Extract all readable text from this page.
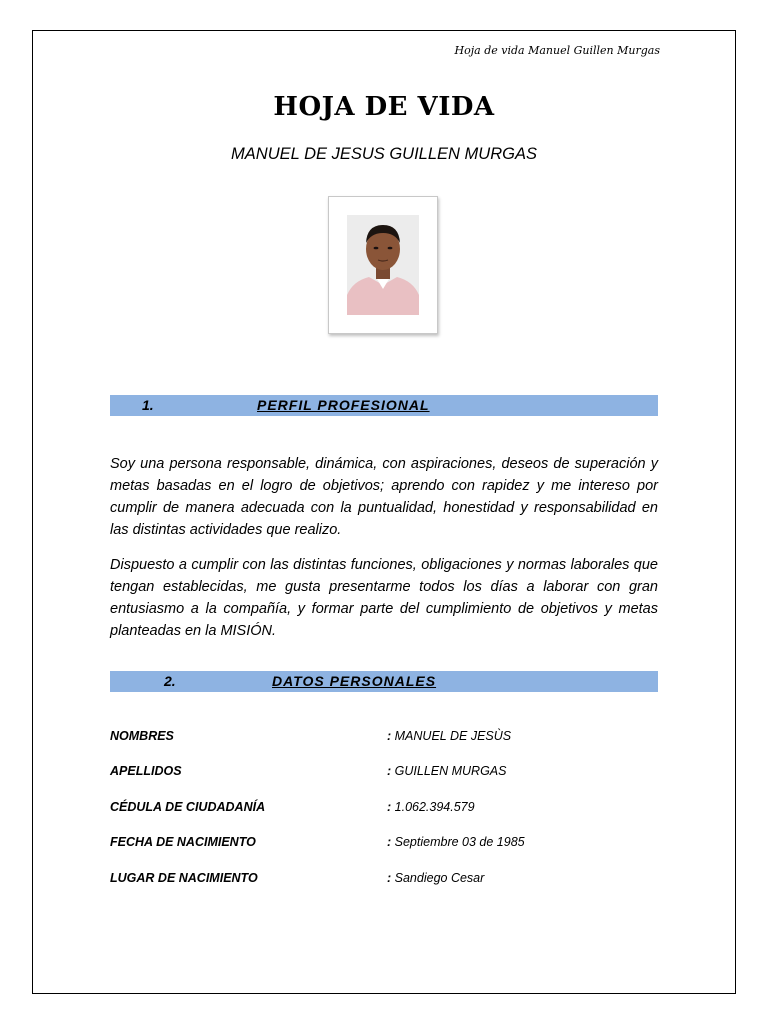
Hoja de vida Manuel Guillen Murgas
HOJA DE VIDA
MANUEL DE JESUS GUILLEN MURGAS
1.	PERFIL PROFESIONAL

Soy una persona responsable, dinámica, con aspiraciones, deseos de superación y metas basadas en el logro de objetivos; aprendo con rapidez y me intereso por cumplir de manera adecuada con la puntualidad, honestidad y responsabilidad en las distintas actividades que realizo.

Dispuesto a cumplir con las distintas funciones, obligaciones y normas laborales que tengan establecidas, me gusta presentarme todos los días a laborar con gran entusiasmo a la compañía, y formar parte del cumplimiento de objetivos y metas planteadas en la MISIÓN.

2.	DATOS PERSONALES
NOMBRES	: MANUEL DE JESÙS
APELLIDOS	: GUILLEN MURGAS
CÉDULA DE CIUDADANÍA	: 1.062.394.579
FECHA DE NACIMIENTO	: Septiembre 03 de 1985
LUGAR DE NACIMIENTO	: Sandiego Cesar
